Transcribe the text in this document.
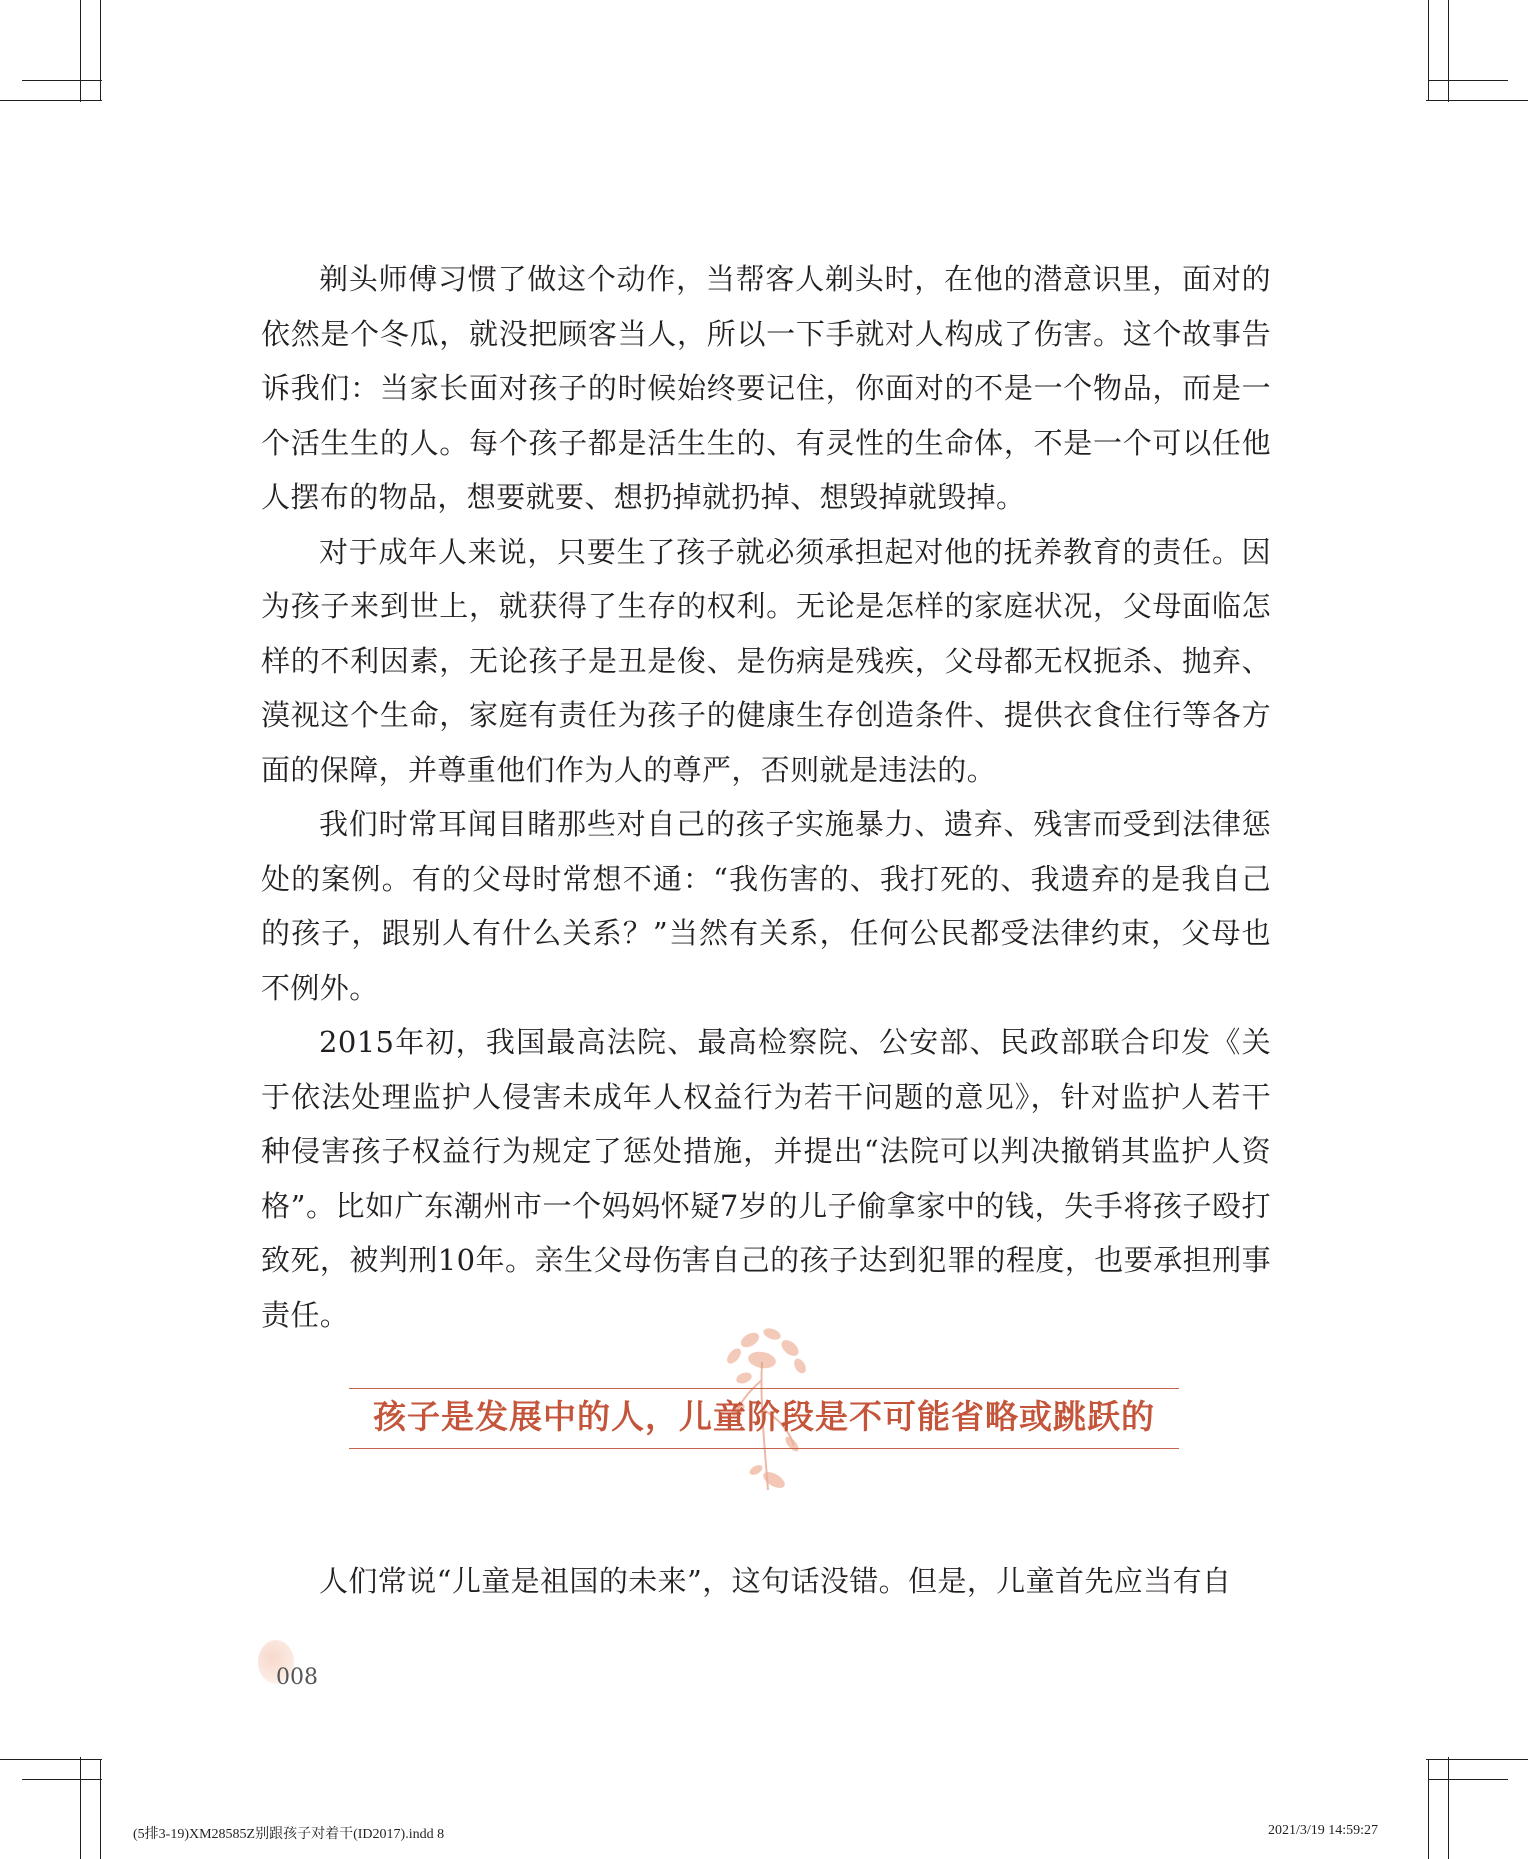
剃头师傅习惯了做这个动作，当帮客人剃头时，在他的潜意识里，面对的依然是个冬瓜，就没把顾客当人，所以一下手就对人构成了伤害。这个故事告诉我们：当家长面对孩子的时候始终要记住，你面对的不是一个物品，而是一个活生生的人。每个孩子都是活生生的、有灵性的生命体，不是一个可以任他人摆布的物品，想要就要、想扔掉就扔掉、想毁掉就毁掉。

对于成年人来说，只要生了孩子就必须承担起对他的抚养教育的责任。因为孩子来到世上，就获得了生存的权利。无论是怎样的家庭状况，父母面临怎样的不利因素，无论孩子是丑是俊、是伤病是残疾，父母都无权扼杀、抛弃、漠视这个生命，家庭有责任为孩子的健康生存创造条件、提供衣食住行等各方面的保障，并尊重他们作为人的尊严，否则就是违法的。

我们时常耳闻目睹那些对自己的孩子实施暴力、遗弃、残害而受到法律惩处的案例。有的父母时常想不通：“我伤害的、我打死的、我遗弃的是我自己的孩子，跟别人有什么关系？”当然有关系，任何公民都受法律约束，父母也不例外。

2015年初，我国最高法院、最高检察院、公安部、民政部联合印发《关于依法处理监护人侵害未成年人权益行为若干问题的意见》，针对监护人若干种侵害孩子权益行为规定了惩处措施，并提出“法院可以判决撤销其监护人资格”。比如广东潮州市一个妈妈怀疑7岁的儿子偷拿家中的钱，失手将孩子殴打致死，被判刑10年。亲生父母伤害自己的孩子达到犯罪的程度，也要承担刑事责任。

孩子是发展中的人，儿童阶段是不可能省略或跳跃的

人们常说“儿童是祖国的未来”，这句话没错。但是，儿童首先应当有自

008
(5排3-19)XM28585Z别跟孩子对着干(ID2017).indd 8	2021/3/19 14:59:27
